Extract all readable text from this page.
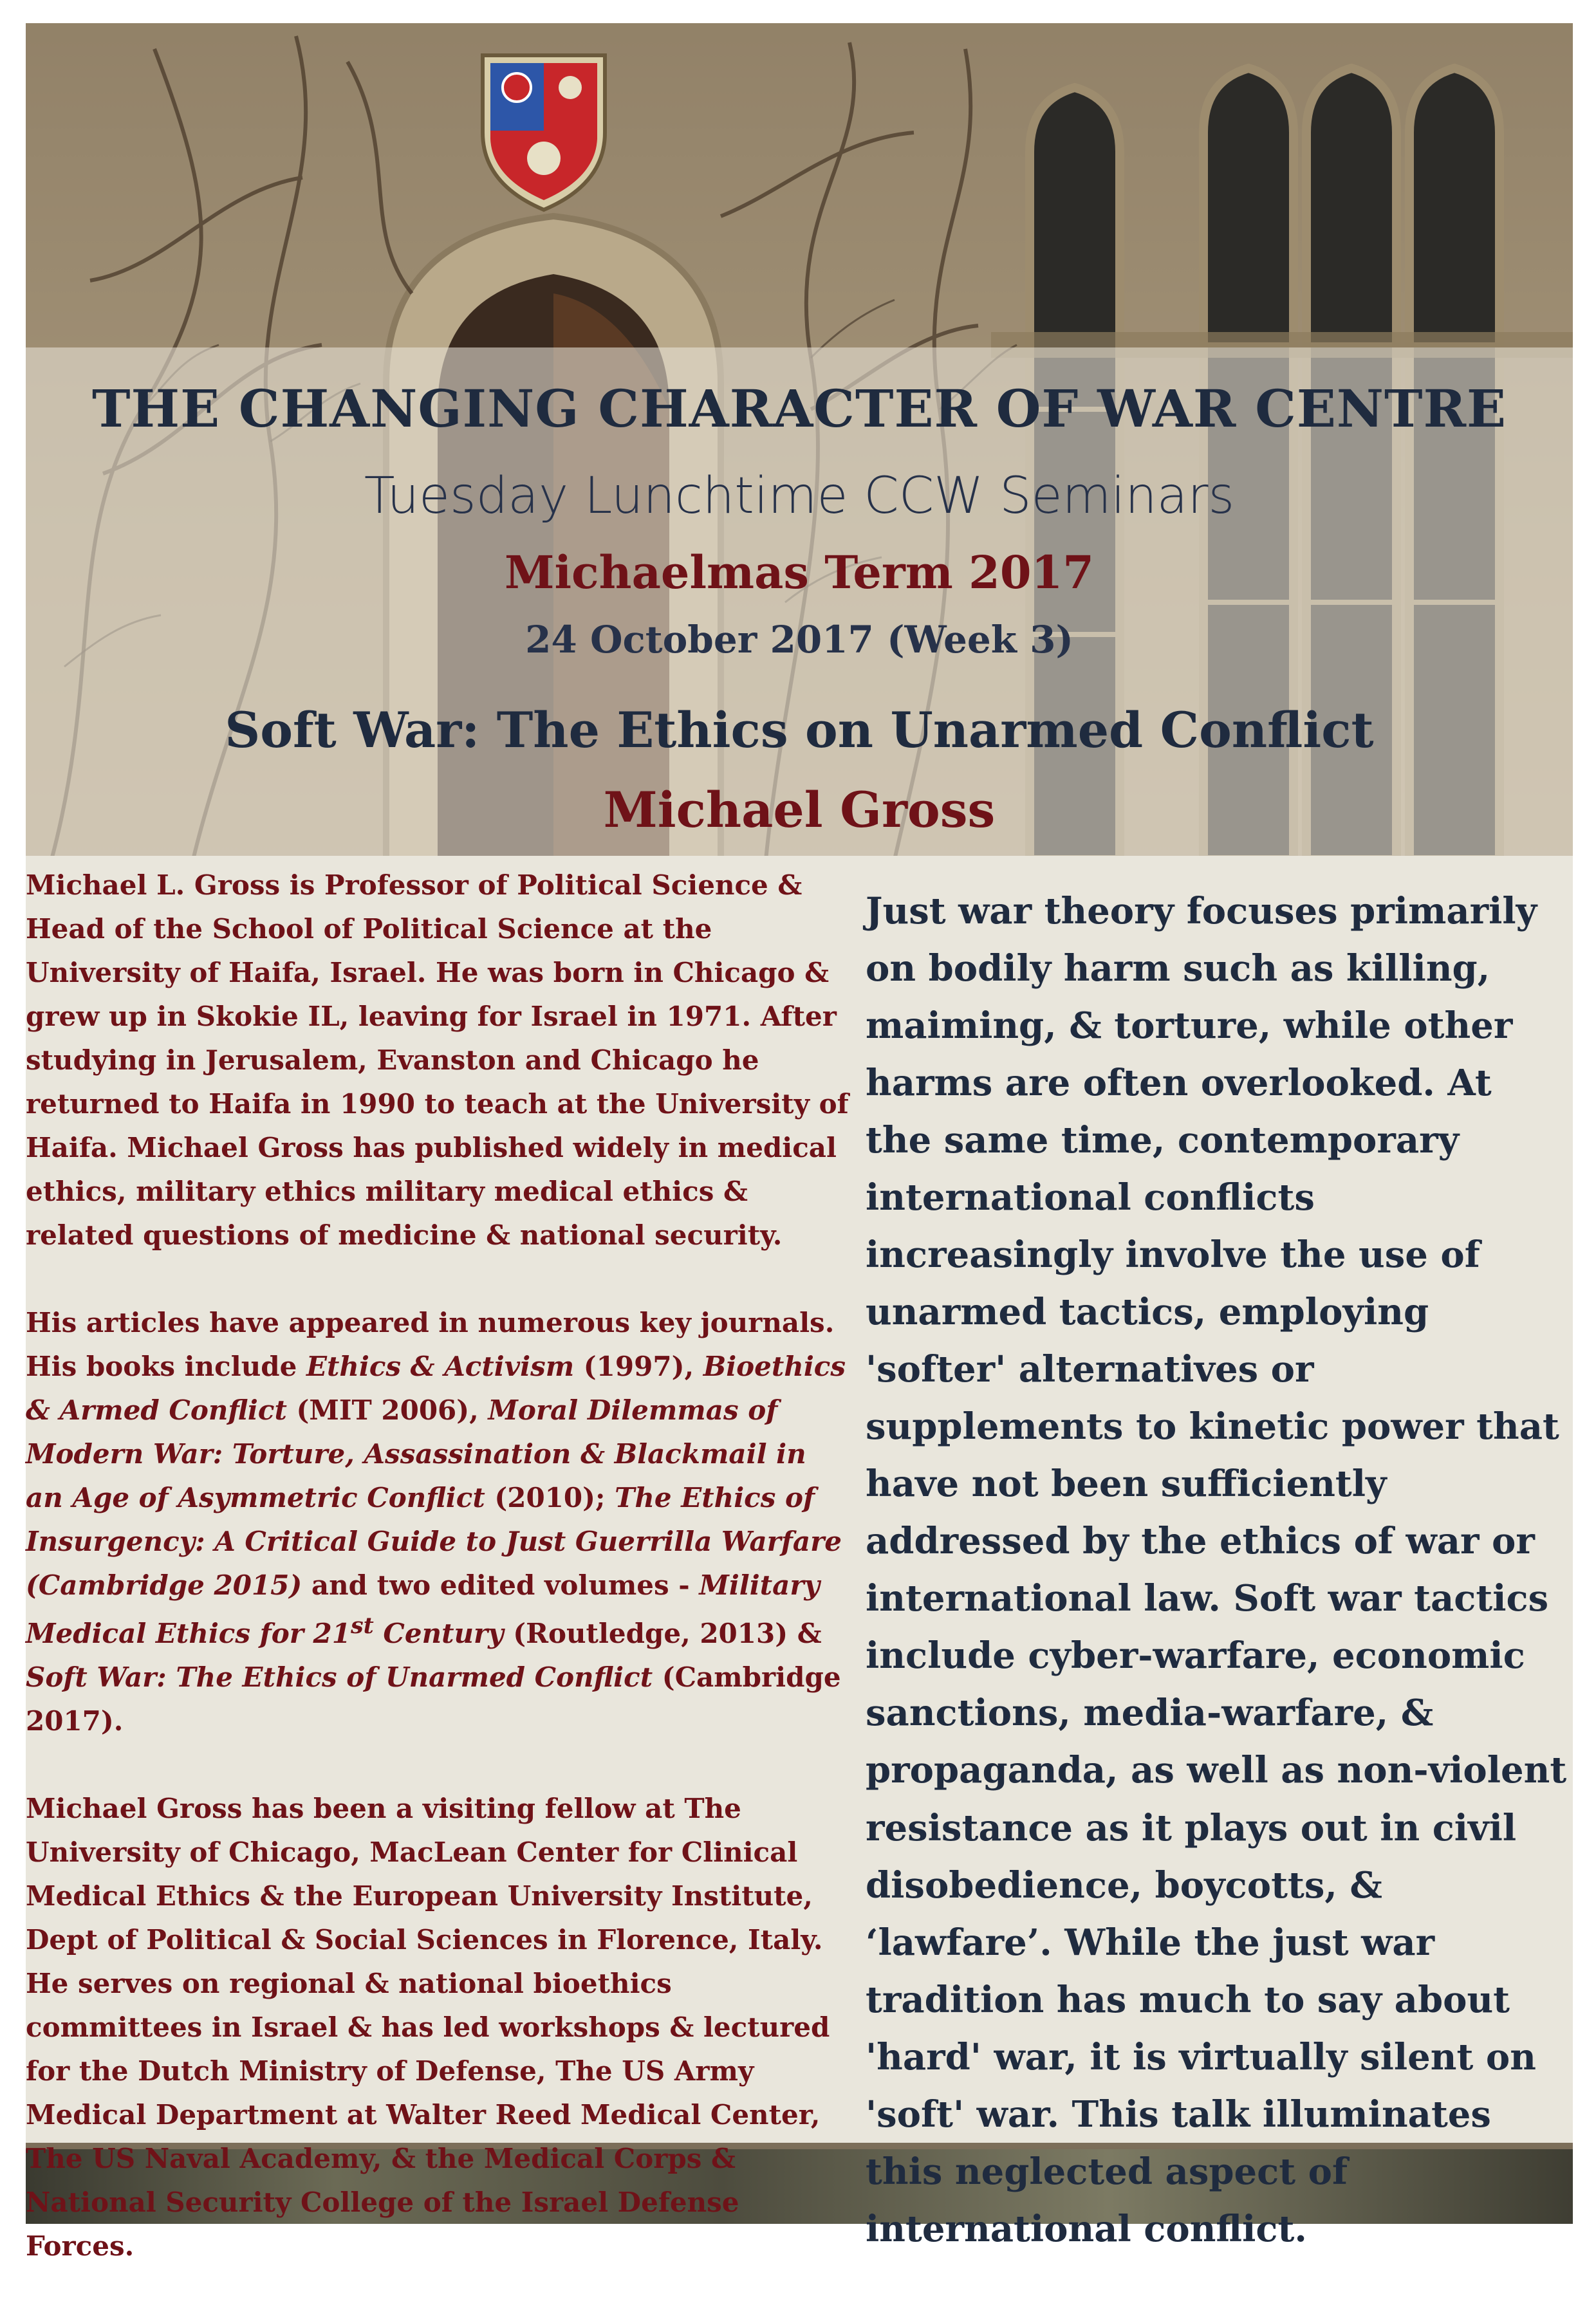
THE CHANGING CHARACTER OF WAR CENTRE
Tuesday Lunchtime CCW Seminars
Michaelmas Term 2017
24 October 2017 (Week 3)
Soft War: The Ethics on Unarmed Conflict
Michael Gross

Michael L. Gross is Professor of Political Science & Head of the School of Political Science at the University of Haifa, Israel. He was born in Chicago & grew up in Skokie IL, leaving for Israel in 1971. After studying in Jerusalem, Evanston and Chicago he returned to Haifa in 1990 to teach at the University of Haifa. Michael Gross has published widely in medical ethics, military ethics military medical ethics & related questions of medicine & national security.

His articles have appeared in numerous key journals. His books include Ethics & Activism (1997), Bioethics & Armed Conflict (MIT 2006), Moral Dilemmas of Modern War: Torture, Assassination & Blackmail in an Age of Asymmetric Conflict (2010); The Ethics of Insurgency: A Critical Guide to Just Guerrilla Warfare (Cambridge 2015) and two edited volumes - Military Medical Ethics for 21st Century (Routledge, 2013) & Soft War: The Ethics of Unarmed Conflict (Cambridge 2017).

Michael Gross has been a visiting fellow at The University of Chicago, MacLean Center for Clinical Medical Ethics & the European University Institute, Dept of Political & Social Sciences in Florence, Italy. He serves on regional & national bioethics committees in Israel & has led workshops & lectured for the Dutch Ministry of Defense, The US Army Medical Department at Walter Reed Medical Center, The US Naval Academy, & the Medical Corps & National Security College of the Israel Defense Forces.

Just war theory focuses primarily on bodily harm such as killing, maiming, & torture, while other harms are often overlooked. At the same time, contemporary international conflicts increasingly involve the use of unarmed tactics, employing 'softer' alternatives or supplements to kinetic power that have not been sufficiently addressed by the ethics of war or international law. Soft war tactics include cyber-warfare, economic sanctions, media-warfare, & propaganda, as well as non-violent resistance as it plays out in civil disobedience, boycotts, & ‘lawfare’. While the just war tradition has much to say about 'hard' war, it is virtually silent on 'soft' war. This talk illuminates this neglected aspect of international conflict.
